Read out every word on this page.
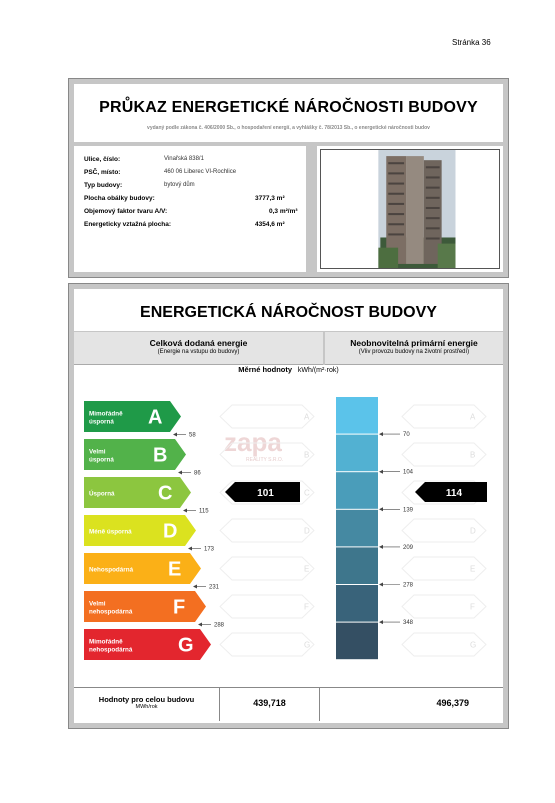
Stránka 36
PRŮKAZ ENERGETICKÉ NÁROČNOSTI BUDOVY
vydaný podle zákona č. 406/2000 Sb., o hospodaření energií, a vyhlášky č. 78/2013 Sb., o energetické náročnosti budov
Ulice, číslo:	Vinařská 838/1
PSČ, místo:	460 06 Liberec VI-Rochlice
Typ budovy:	bytový dům
Plocha obálky budovy:	3777,3 m²
Objemový faktor tvaru A/V:	0,3 m²/m³
Energeticky vztažná plocha:	4354,6 m²
ENERGETICKÁ NÁROČNOST BUDOVY
Celková dodaná energie
(Energie na vstupu do budovy)
Neobnovitelná primární energie
(Vliv provozu budovy na životní prostředí)
Měrné hodnoty kWh/(m²·rok)
zapa
REALITY S.R.O.
Mimořádně
úsporná A	A	A
Velmi
úsporná B	B	B
Úsporná C	C
Méně úsporná D	D	D
Nehospodárná E	E	E
Velmi
nehospodárná F	F	F
Mimořádně
nehospodárná G	G	G
58
86
115
173
231
288
70
104
139
209
278
348
101	114
Hodnoty pro celou budovu
MWh/rok	439,718	496,379
